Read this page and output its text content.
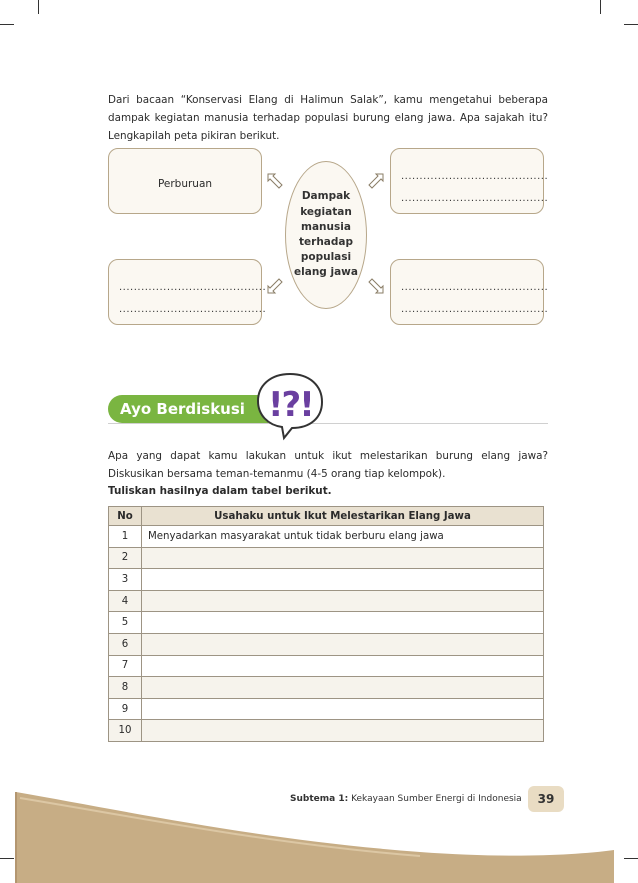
Dari bacaan “Konservasi Elang di Halimun Salak”, kamu mengetahui beberapa dampak kegiatan manusia terhadap populasi burung elang jawa. Apa sajakah itu? Lengkapilah peta pikiran berikut.

Perburuan
........................................
........................................
........................................
........................................
........................................
........................................
Dampak kegiatan manusia terhadap populasi elang jawa
Ayo Berdiskusi !?!

Apa yang dapat kamu lakukan untuk ikut melestarikan burung elang jawa? Diskusikan bersama teman-temanmu (4-5 orang tiap kelompok).

Tuliskan hasilnya dalam tabel berikut.

No	Usahaku untuk Ikut Melestarikan Elang Jawa
1	Menyadarkan masyarakat untuk tidak berburu elang jawa
2	
3	
4	
5	
6	
7	
8	
9	
10	
Subtema 1: Kekayaan Sumber Energi di Indonesia	39
